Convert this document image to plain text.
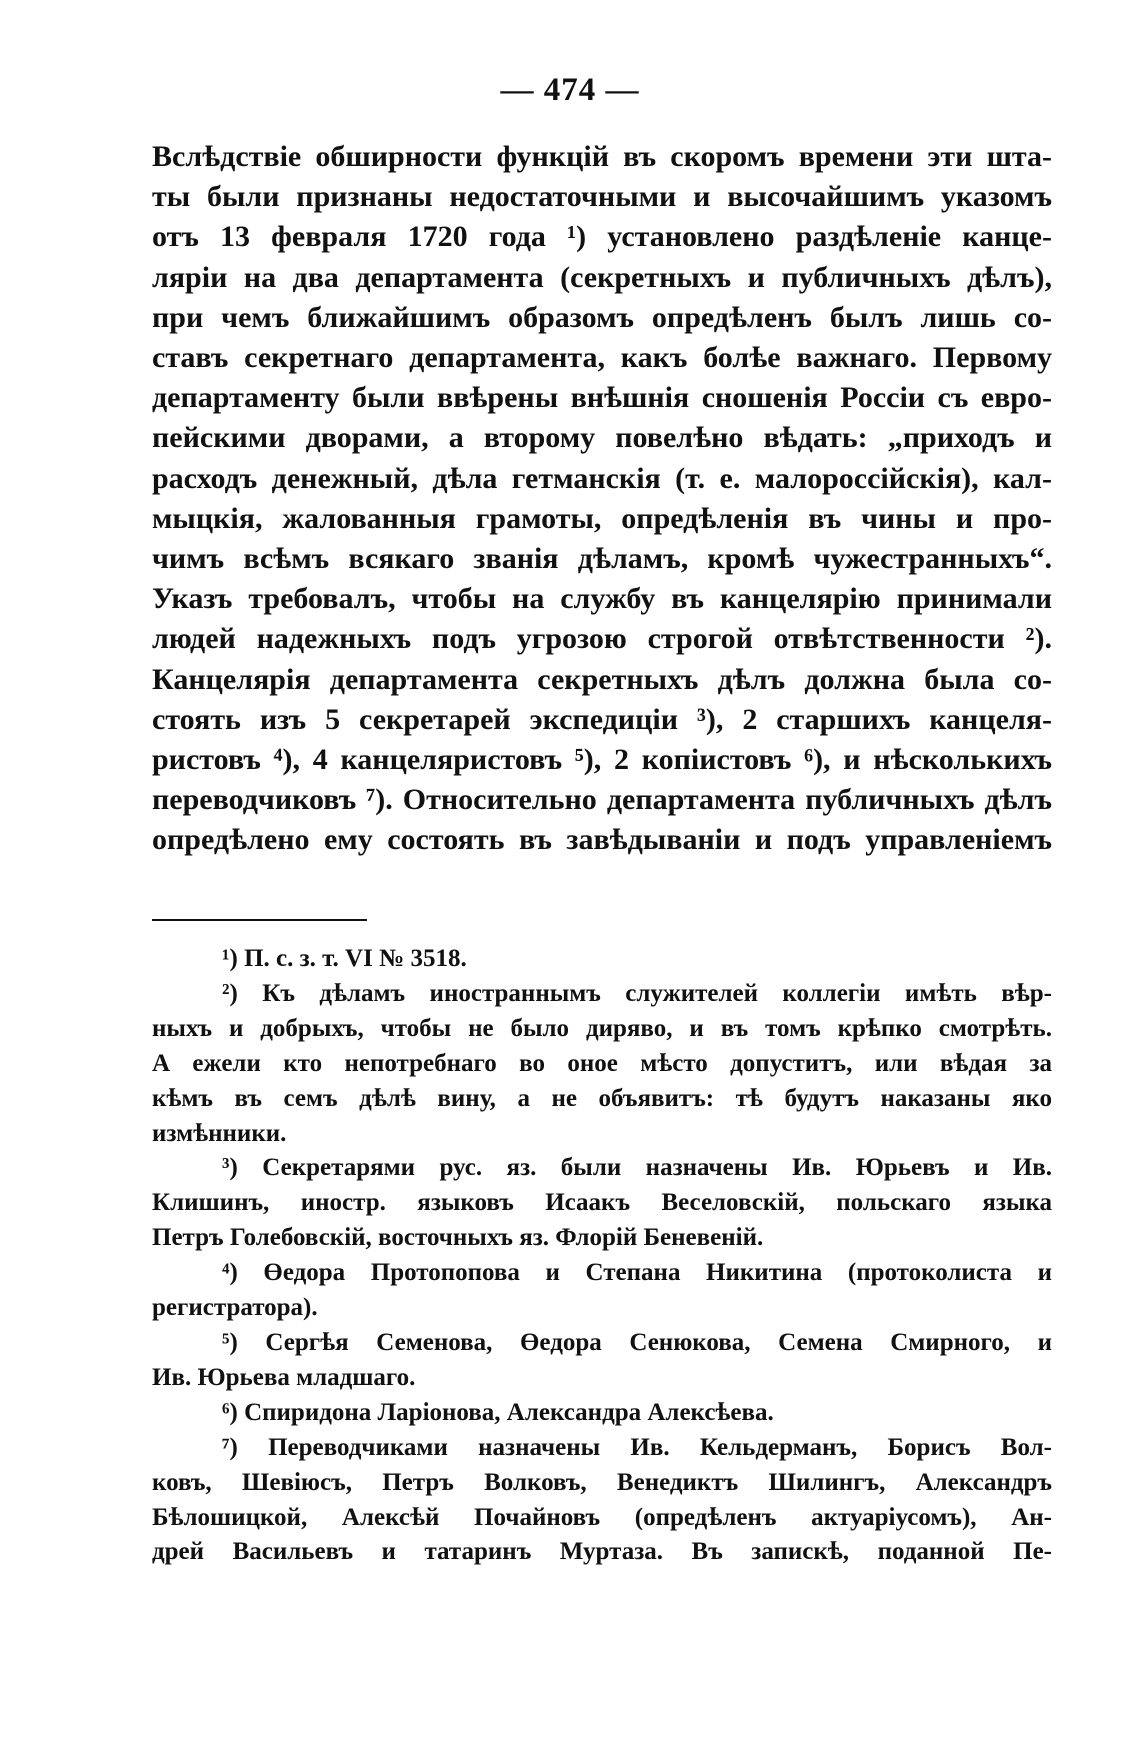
— 474 —
Вслѣдствіе обширности функцій въ скоромъ времени эти шта-
ты были признаны недостаточными и высочайшимъ указомъ
отъ 13 февраля 1720 года ¹) установлено раздѣленіе канце-
ляріи на два департамента (секретныхъ и публичныхъ дѣлъ),
при чемъ ближайшимъ образомъ опредѣленъ былъ лишь со-
ставъ секретнаго департамента, какъ болѣе важнаго. Первому
департаменту были ввѣрены внѣшнія сношенія Россіи съ евро-
пейскими дворами, а второму повелѣно вѣдать: „приходъ и
расходъ денежный, дѣла гетманскія (т. е. малороссійскія), кал-
мыцкія, жалованныя грамоты, опредѣленія въ чины и про-
чимъ всѣмъ всякаго званія дѣламъ, кромѣ чужестранныхъ“.
Указъ требовалъ, чтобы на службу въ канцелярію принимали
людей надежныхъ подъ угрозою строгой отвѣтственности ²).
Канцелярія департамента секретныхъ дѣлъ должна была со-
стоять изъ 5 секретарей экспедиціи ³), 2 старшихъ канцеля-
ристовъ ⁴), 4 канцеляристовъ ⁵), 2 копіистовъ ⁶), и нѣсколькихъ
переводчиковъ ⁷). Относительно департамента публичныхъ дѣлъ
опредѣлено ему состоять въ завѣдываніи и подъ управленіемъ
¹) П. с. з. т. VI № 3518.
²) Къ дѣламъ иностраннымъ служителей коллегіи имѣть вѣр-
ныхъ и добрыхъ, чтобы не было диряво, и въ томъ крѣпко смотрѣть.
А ежели кто непотребнаго во оное мѣсто допуститъ, или вѣдая за
кѣмъ въ семъ дѣлѣ вину, а не объявитъ: тѣ будутъ наказаны яко
измѣнники.
³) Секретарями рус. яз. были назначены Ив. Юрьевъ и Ив.
Клишинъ, иностр. языковъ Исаакъ Веселовскій, польскаго языка
Петръ Голебовскій, восточныхъ яз. Флорій Беневеній.
⁴) Өедора Протопопова и Степана Никитина (протоколиста и
регистратора).
⁵) Сергѣя Семенова, Өедора Сенюкова, Семена Смирного, и
Ив. Юрьева младшаго.
⁶) Спиридона Ларіонова, Александра Алексѣева.
⁷) Переводчиками назначены Ив. Кельдерманъ, Борисъ Вол-
ковъ, Шевіюсъ, Петръ Волковъ, Венедиктъ Шилингъ, Александръ
Бѣлошицкой, Алексѣй Почайновъ (опредѣленъ актуаріусомъ), Ан-
дрей Васильевъ и татаринъ Муртаза. Въ запискѣ, поданной Пе-
